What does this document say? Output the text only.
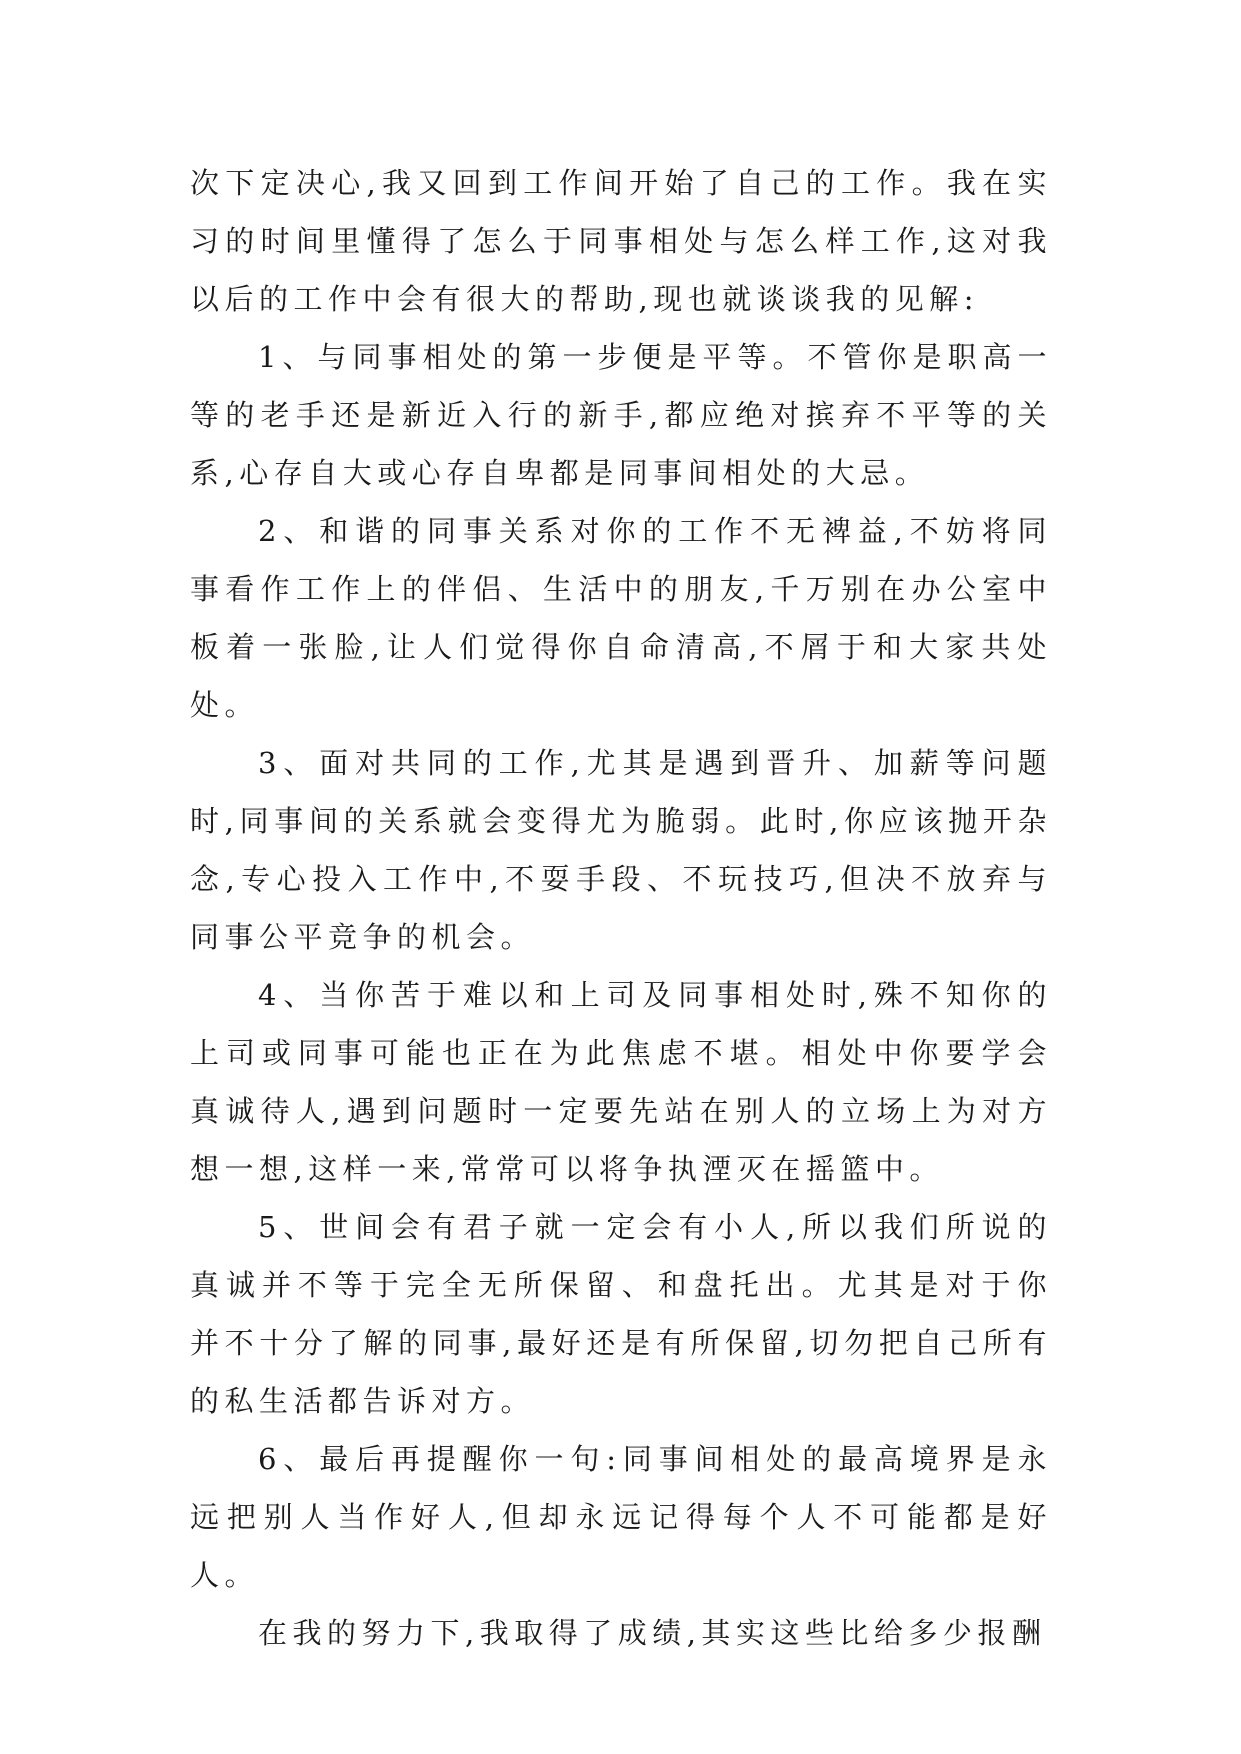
次下定决心,我又回到工作间开始了自己的工作。我在实习的时间里懂得了怎么于同事相处与怎么样工作,这对我以后的工作中会有很大的帮助,现也就谈谈我的见解:

1、与同事相处的第一步便是平等。不管你是职高一等的老手还是新近入行的新手,都应绝对摈弃不平等的关系,心存自大或心存自卑都是同事间相处的大忌。

2、和谐的同事关系对你的工作不无裨益,不妨将同事看作工作上的伴侣、生活中的朋友,千万别在办公室中板着一张脸,让人们觉得你自命清高,不屑于和大家共处处。

3、面对共同的工作,尤其是遇到晋升、加薪等问题时,同事间的关系就会变得尤为脆弱。此时,你应该抛开杂念,专心投入工作中,不耍手段、不玩技巧,但决不放弃与同事公平竞争的机会。

4、当你苦于难以和上司及同事相处时,殊不知你的上司或同事可能也正在为此焦虑不堪。相处中你要学会真诚待人,遇到问题时一定要先站在别人的立场上为对方想一想,这样一来,常常可以将争执湮灭在摇篮中。

5、世间会有君子就一定会有小人,所以我们所说的真诚并不等于完全无所保留、和盘托出。尤其是对于你并不十分了解的同事,最好还是有所保留,切勿把自己所有的私生活都告诉对方。

6、最后再提醒你一句:同事间相处的最高境界是永远把别人当作好人,但却永远记得每个人不可能都是好人。

在我的努力下,我取得了成绩,其实这些比给多少报酬
